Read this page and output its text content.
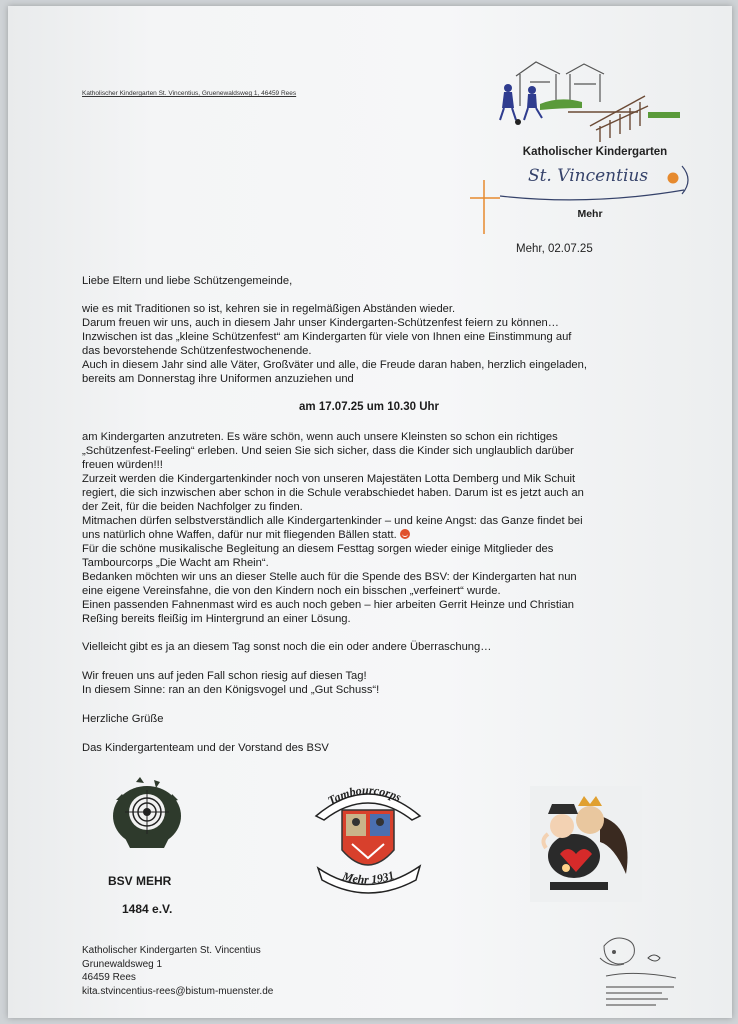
Katholischer Kindergarten St. Vincentius, Gruenewaldsweg 1, 46459 Rees
Katholischer Kindergarten
St. Vincentius
Mehr
Mehr, 02.07.25
Liebe Eltern und liebe Schützengemeinde,
wie es mit Traditionen so ist, kehren sie in regelmäßigen Abständen wieder.
Darum freuen wir uns, auch in diesem Jahr unser Kindergarten-Schützenfest feiern zu können…
Inzwischen ist das „kleine Schützenfest“ am Kindergarten für viele von Ihnen eine Einstimmung auf
das bevorstehende Schützenfestwochenende.
Auch in diesem Jahr sind alle Väter, Großväter und alle, die Freude daran haben, herzlich eingeladen,
bereits am Donnerstag ihre Uniformen anzuziehen und
am 17.07.25 um 10.30 Uhr
am Kindergarten anzutreten. Es wäre schön, wenn auch unsere Kleinsten so schon ein richtiges
„Schützenfest-Feeling“ erleben. Und seien Sie sich sicher, dass die Kinder sich unglaublich darüber
freuen würden!!!
Zurzeit werden die Kindergartenkinder noch von unseren Majestäten Lotta Demberg und Mik Schuit
regiert, die sich inzwischen aber schon in die Schule verabschiedet haben. Darum ist es jetzt auch an
der Zeit, für die beiden Nachfolger zu finden.
Mitmachen dürfen selbstverständlich alle Kindergartenkinder – und keine Angst: das Ganze findet bei
uns natürlich ohne Waffen, dafür nur mit fliegenden Bällen statt.
Für die schöne musikalische Begleitung an diesem Festtag sorgen wieder einige Mitglieder des
Tambourcorps „Die Wacht am Rhein“.
Bedanken möchten wir uns an dieser Stelle auch für die Spende des BSV: der Kindergarten hat nun
eine eigene Vereinsfahne, die von den Kindern noch ein bisschen „verfeinert“ wurde.
Einen passenden Fahnenmast wird es auch noch geben – hier arbeiten Gerrit Heinze und Christian
Reßing bereits fleißig im Hintergrund an einer Lösung.
Vielleicht gibt es ja an diesem Tag sonst noch die ein oder andere Überraschung…
Wir freuen uns auf jeden Fall schon riesig auf diesen Tag!
In diesem Sinne: ran an den Königsvogel und „Gut Schuss“!
Herzliche Grüße
Das Kindergartenteam und der Vorstand des BSV
BSV MEHR
1484 e.V.
Tambourcorps
Mehr 1931
Katholischer Kindergarten St. Vincentius
Grunewaldsweg 1
46459 Rees
kita.stvincentius-rees@bistum-muenster.de
